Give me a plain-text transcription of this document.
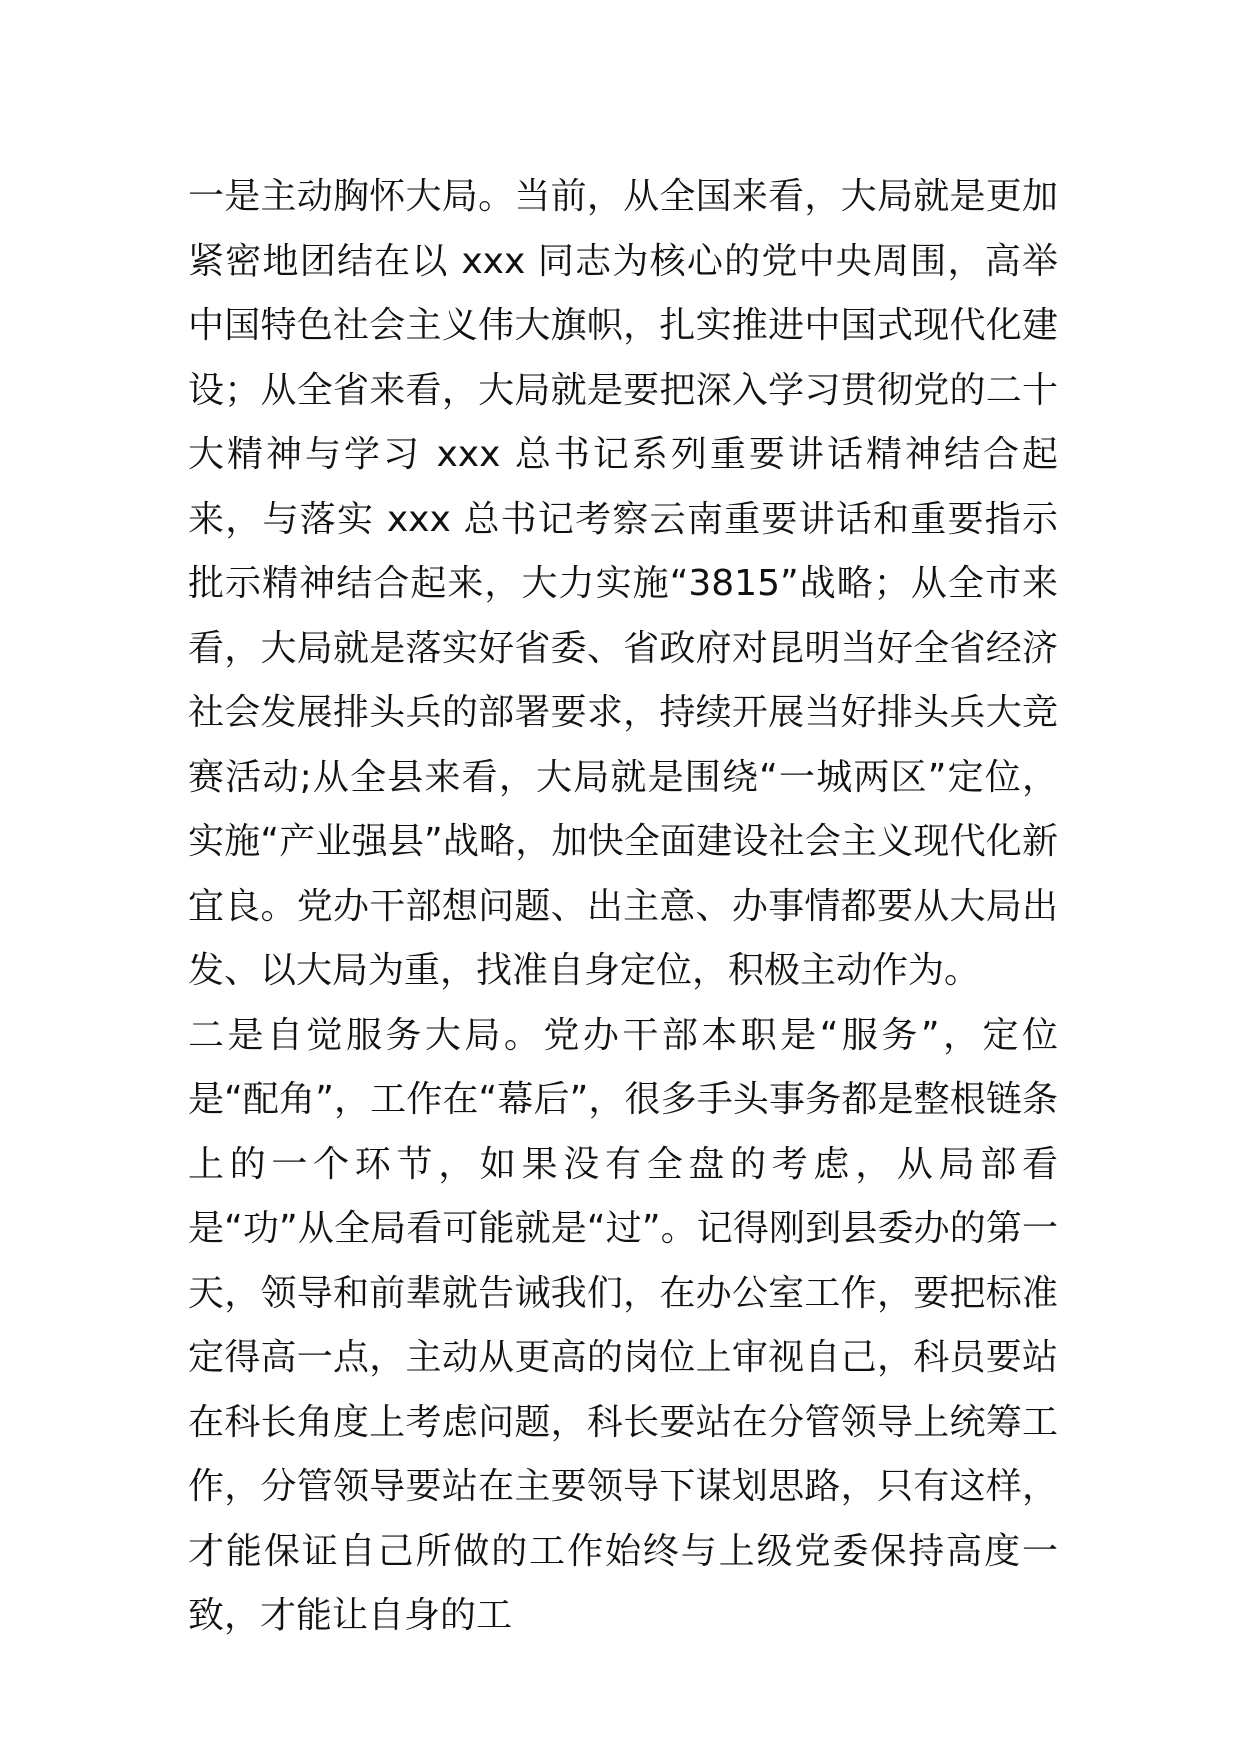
一是主动胸怀大局。当前，从全国来看，大局就是更加紧密地团结在以 xxx 同志为核心的党中央周围，高举中国特色社会主义伟大旗帜，扎实推进中国式现代化建设；从全省来看，大局就是要把深入学习贯彻党的二十大精神与学习 xxx 总书记系列重要讲话精神结合起来，与落实 xxx 总书记考察云南重要讲话和重要指示批示精神结合起来，大力实施“3815”战略；从全市来看，大局就是落实好省委、省政府对昆明当好全省经济社会发展排头兵的部署要求，持续开展当好排头兵大竞赛活动;从全县来看，大局就是围绕“一城两区”定位，实施“产业强县”战略，加快全面建设社会主义现代化新宜良。党办干部想问题、出主意、办事情都要从大局出发、以大局为重，找准自身定位，积极主动作为。

二是自觉服务大局。党办干部本职是“服务”，定位是“配角”，工作在“幕后”，很多手头事务都是整根链条上的一个环节，如果没有全盘的考虑，从局部看是“功”从全局看可能就是“过”。记得刚到县委办的第一天，领导和前辈就告诫我们，在办公室工作，要把标准定得高一点，主动从更高的岗位上审视自己，科员要站在科长角度上考虑问题，科长要站在分管领导上统筹工作，分管领导要站在主要领导下谋划思路，只有这样，才能保证自己所做的工作始终与上级党委保持高度一致，才能让自身的工
